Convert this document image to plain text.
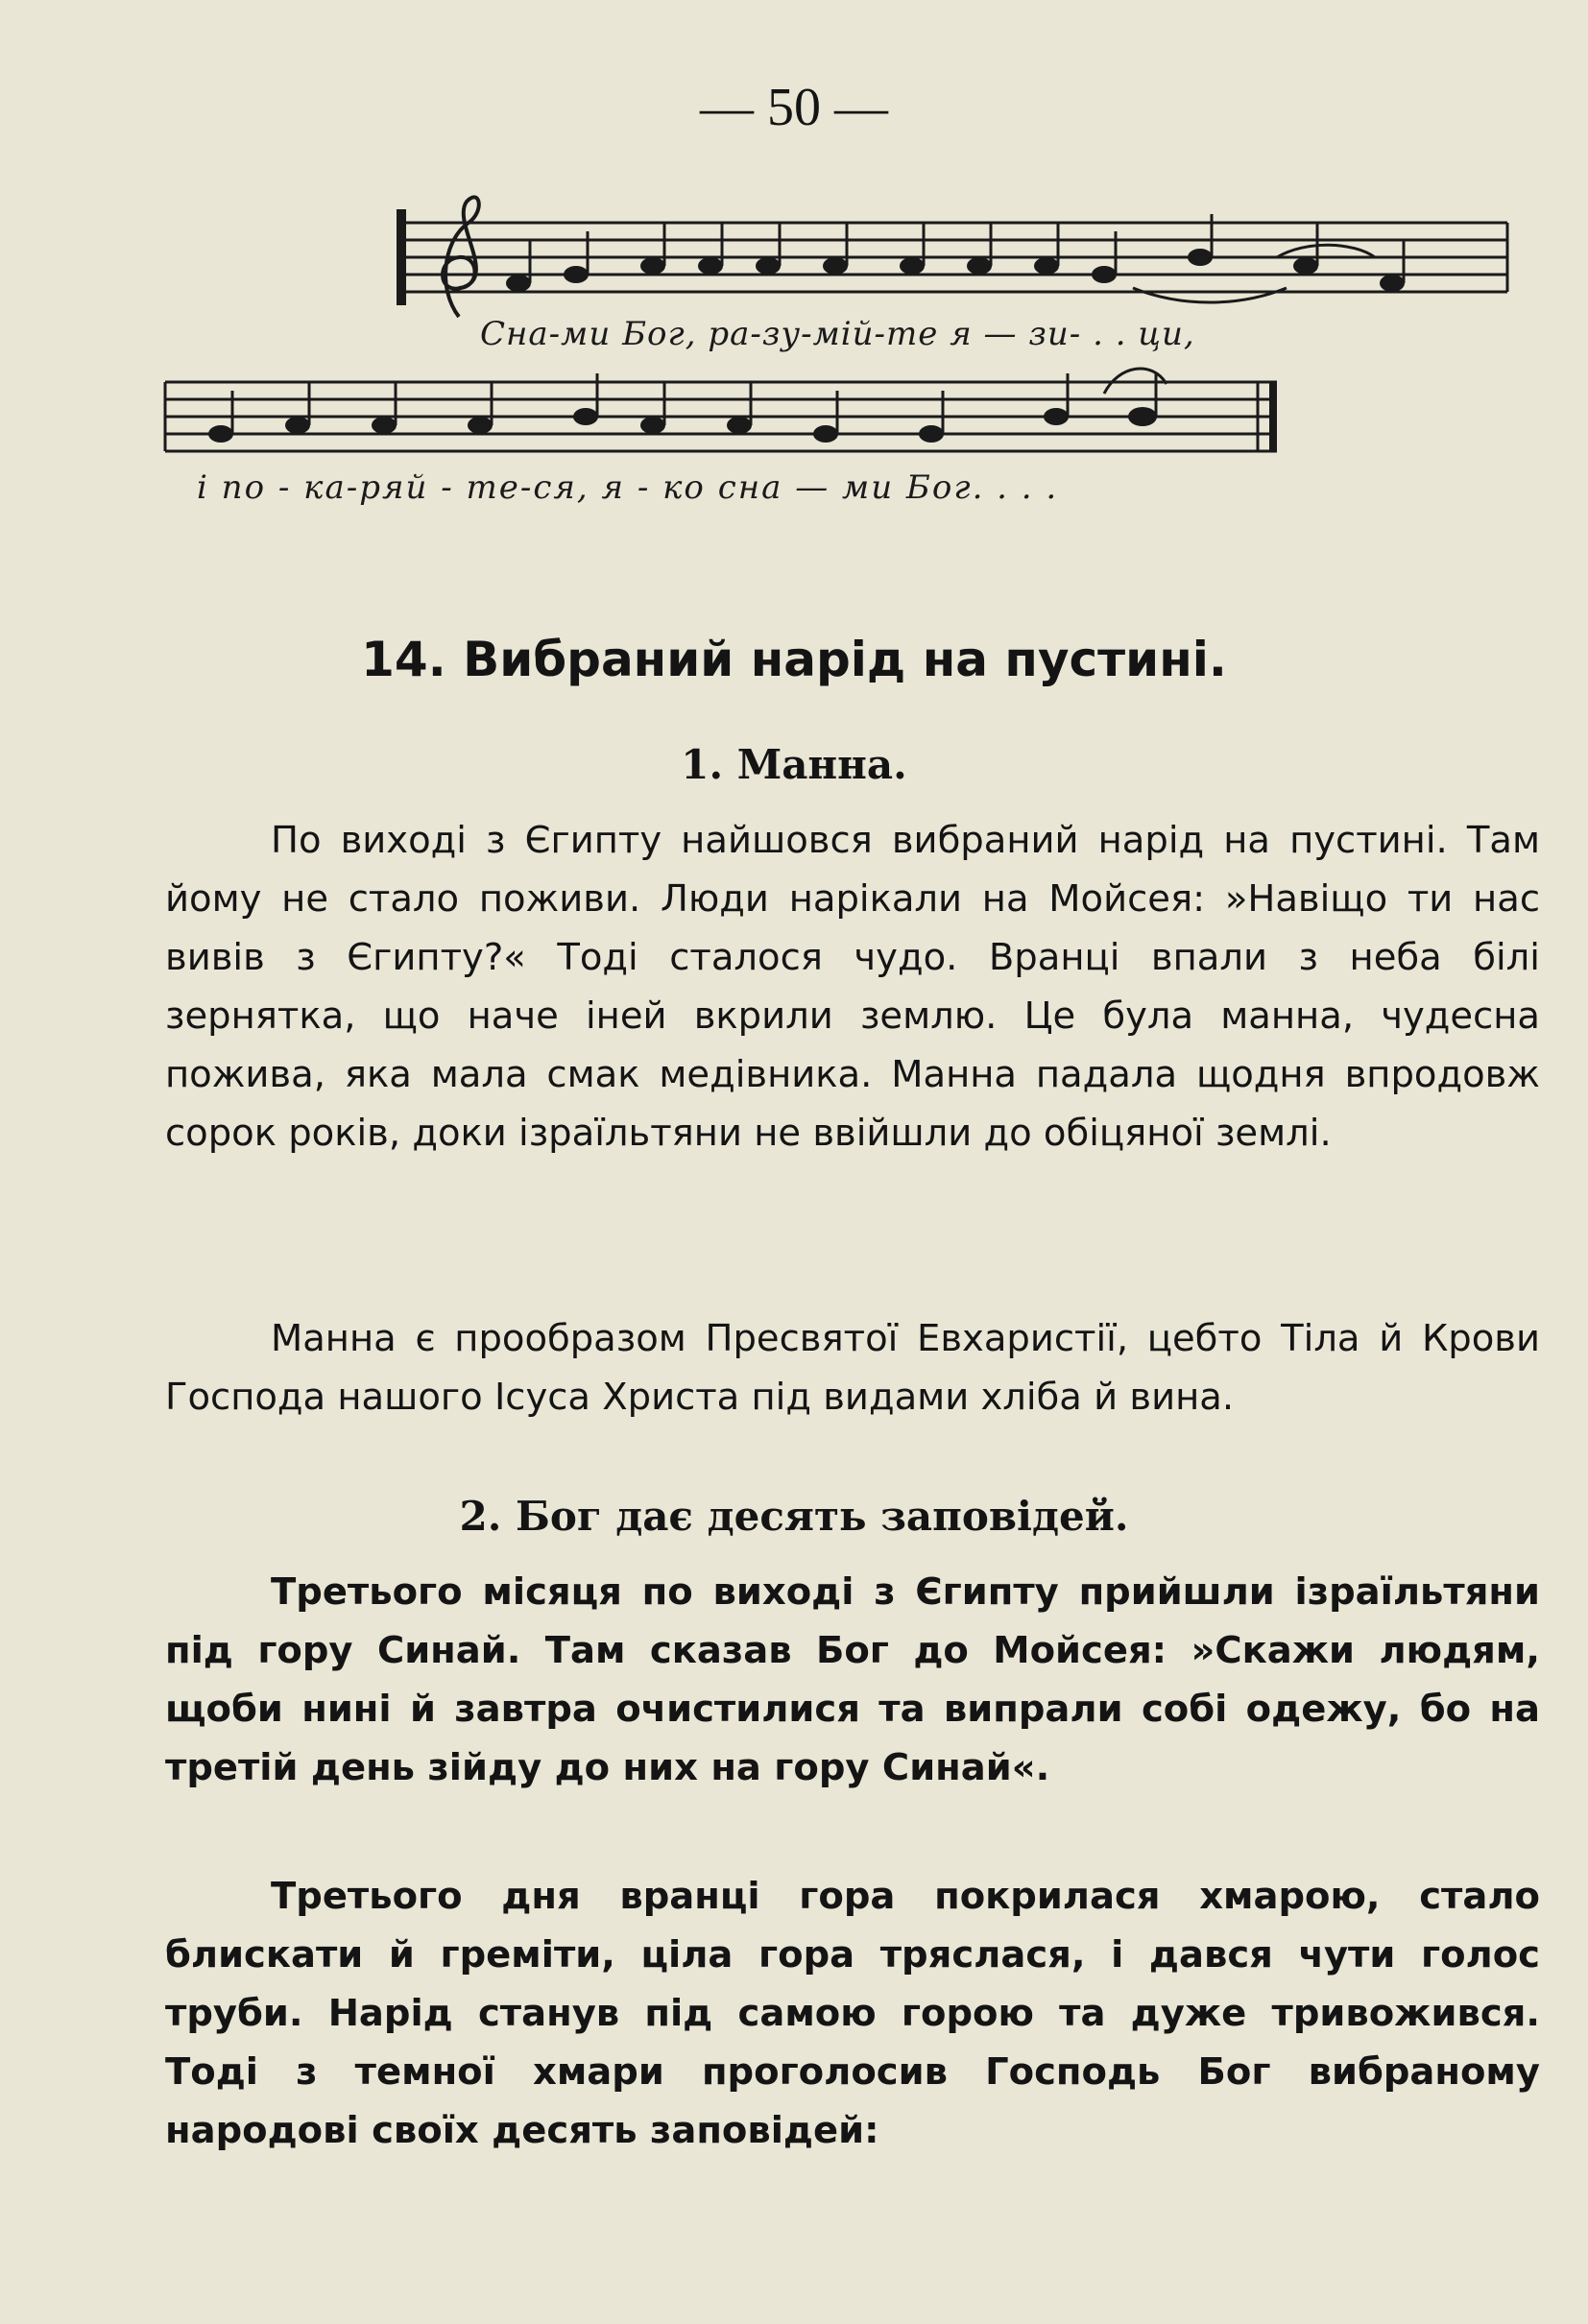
— 50 —
Сна-ми Бог, ра-зу-мій-те я — зи- . . ци,
і по - ка-ряй - те-ся, я - ко сна — ми Бог. . . .
14. Вибраний нарід на пустині.
1. Манна.

По виході з Єгипту найшовся вибраний нарід на пустині. Там йому не стало поживи. Люди нарікали на Мойсея: »Навіщо ти нас вивів з Єгипту?« Тоді сталося чудо. Вранці впали з неба білі зернятка, що наче іней вкрили землю. Це була манна, чудесна пожива, яка мала смак медівника. Манна падала щодня впродовж сорок років, доки ізраїльтяни не ввійшли до обіцяної землі.

Манна є прообразом Пресвятої Евхаристії, цебто Тіла й Крови Господа нашого Ісуса Христа під видами хліба й вина.

2. Бог дає десять заповідей.

Третього місяця по виході з Єгипту прийшли ізраїльтяни під гору Синай. Там сказав Бог до Мойсея: »Скажи людям, щоби нині й завтра очистилися та випрали собі одежу, бо на третій день зійду до них на гору Синай«.

Третього дня вранці гора покрилася хмарою, стало блискати й греміти, ціла гора тряслася, і дався чути голос труби. Нарід станув під самою горою та дуже тривожився. Тоді з темної хмари проголосив Господь Бог вибраному народові своїх десять заповідей:
